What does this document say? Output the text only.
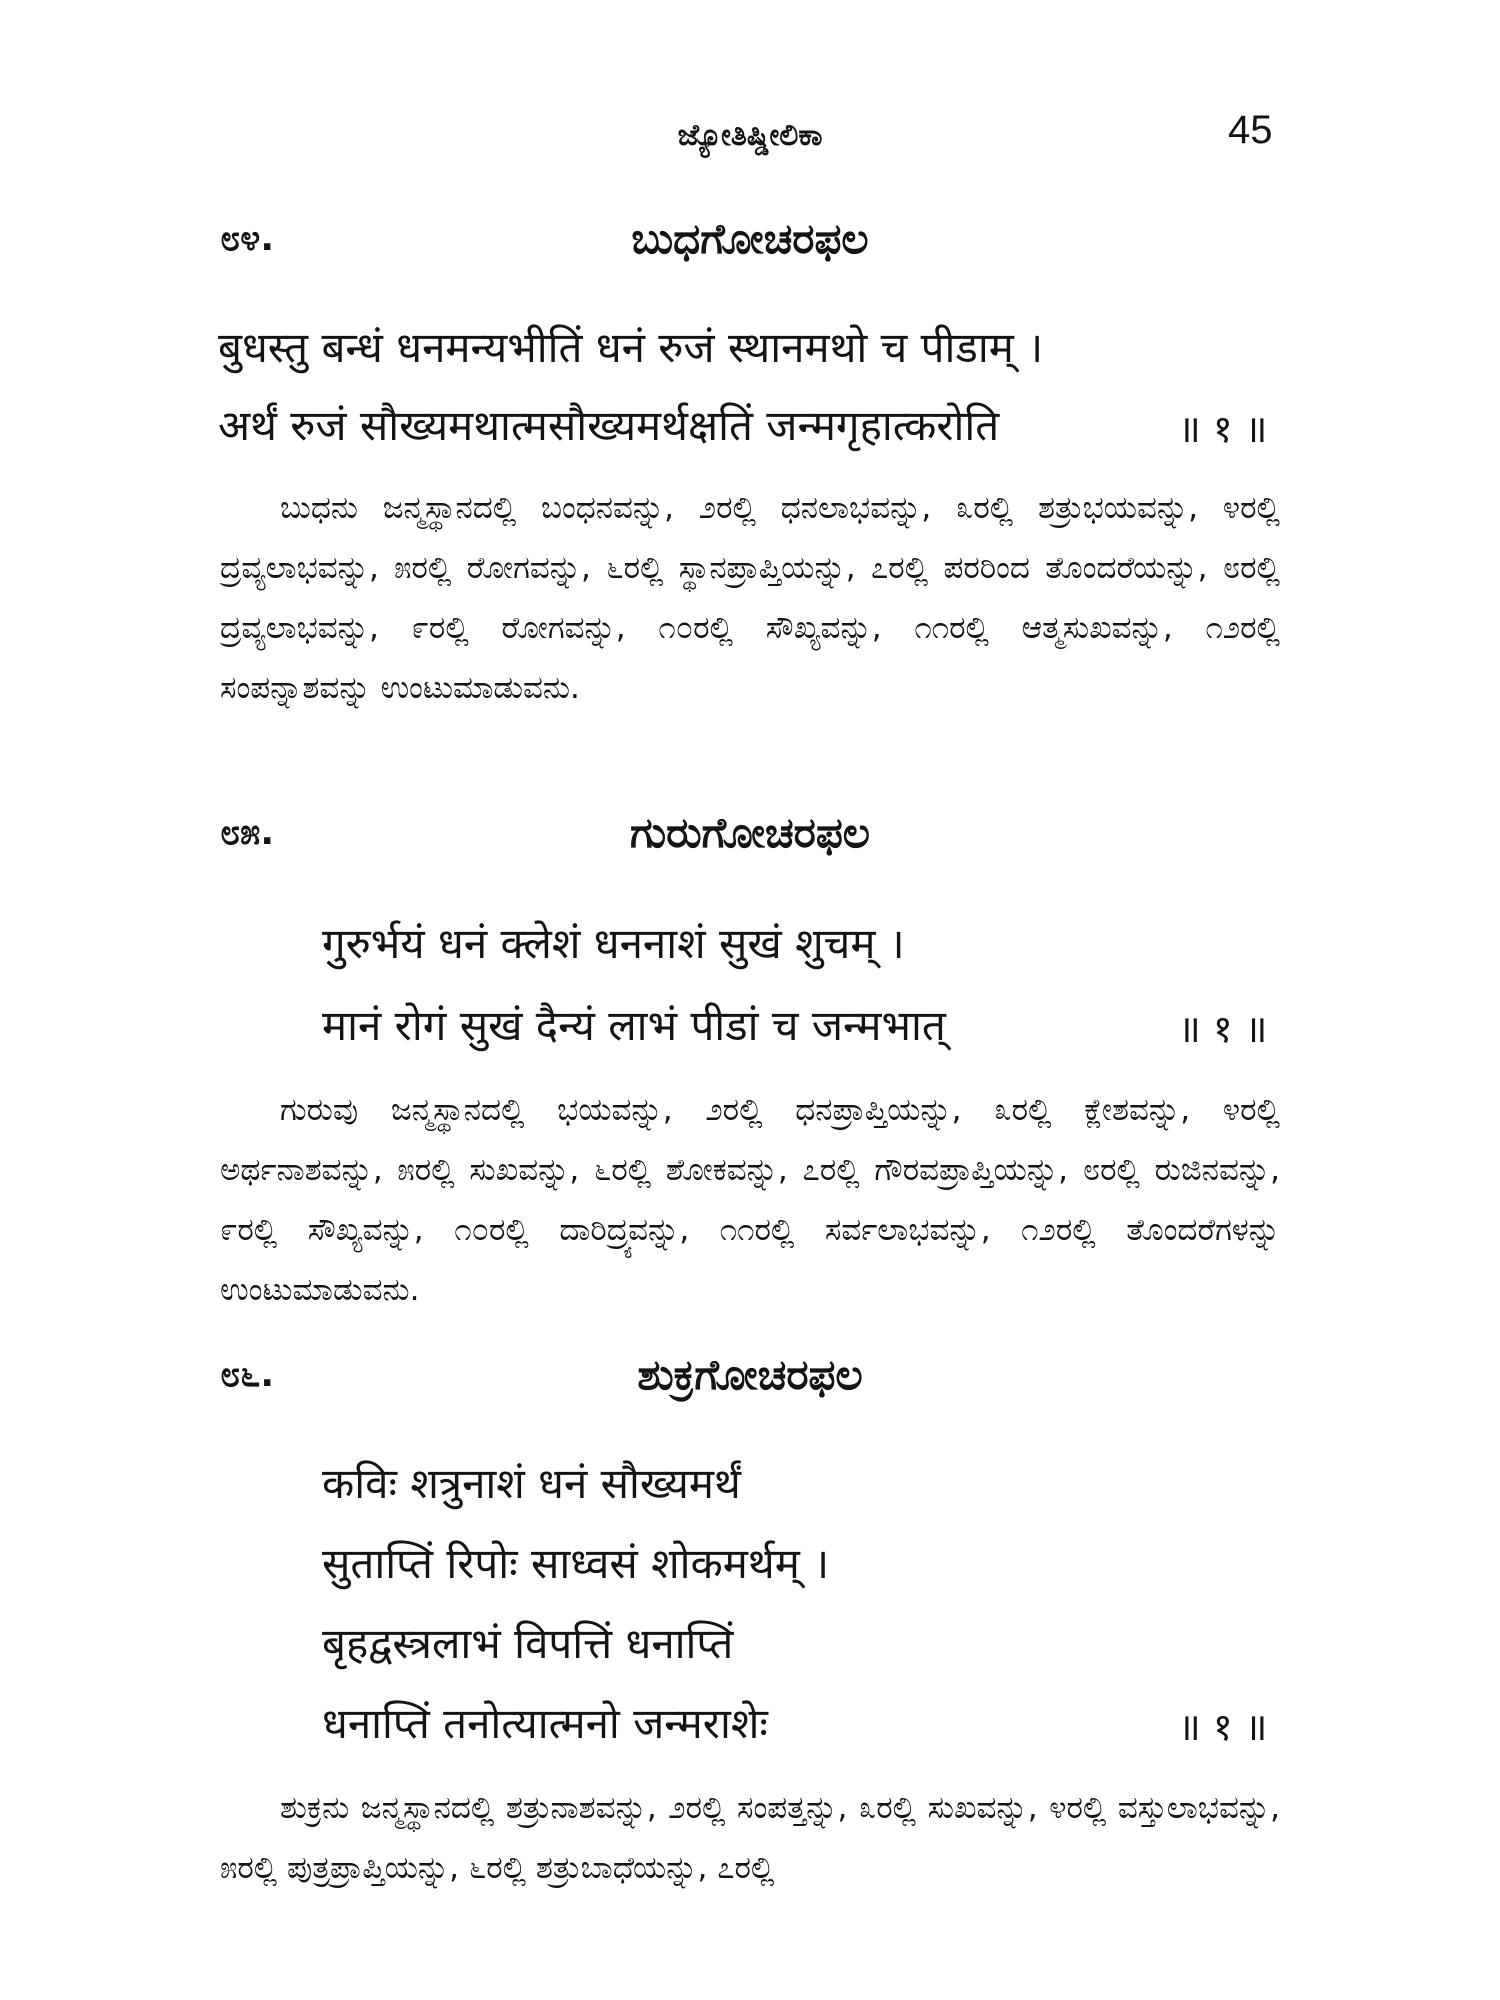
ಜ್ಯೋತಿಷ್ಡೀಲಿಕಾ	45
೮೪.	ಬುಧಗೋಚರಫಲ
बुधस्तु बन्धं धनमन्यभीतिं धनं रुजं स्थानमथो च पीडाम् ।
अर्थं रुजं सौख्यमथात्मसौख्यमर्थक्षतिं जन्मगृहात्करोति	॥ १ ॥
ಬುಧನು ಜನ್ಮಸ್ಥಾನದಲ್ಲಿ ಬಂಧನವನ್ನು, ೨ರಲ್ಲಿ ಧನಲಾಭವನ್ನು, ೩ರಲ್ಲಿ ಶತ್ರುಭಯವನ್ನು, ೪ರಲ್ಲಿ ದ್ರವ್ಯಲಾಭವನ್ನು, ೫ರಲ್ಲಿ ರೋಗವನ್ನು, ೬ರಲ್ಲಿ ಸ್ಥಾನಪ್ರಾಪ್ತಿಯನ್ನು, ೭ರಲ್ಲಿ ಪರರಿಂದ ತೊಂದರೆಯನ್ನು, ೮ರಲ್ಲಿ ದ್ರವ್ಯಲಾಭವನ್ನು, ೯ರಲ್ಲಿ ರೋಗವನ್ನು, ೧೦ರಲ್ಲಿ ಸೌಖ್ಯವನ್ನು, ೧೧ರಲ್ಲಿ ಆತ್ಮಸುಖವನ್ನು, ೧೨ರಲ್ಲಿ ಸಂಪನ್ನಾಶವನ್ನು ಉಂಟುಮಾಡುವನು.
೮೫.	ಗುರುಗೋಚರಫಲ
गुरुर्भयं धनं क्लेशं धननाशं सुखं शुचम् ।
मानं रोगं सुखं दैन्यं लाभं पीडां च जन्मभात्	॥ १ ॥
ಗುರುವು ಜನ್ಮಸ್ಥಾನದಲ್ಲಿ ಭಯವನ್ನು, ೨ರಲ್ಲಿ ಧನಪ್ರಾಪ್ತಿಯನ್ನು, ೩ರಲ್ಲಿ ಕ್ಲೇಶವನ್ನು, ೪ರಲ್ಲಿ ಅರ್ಥನಾಶವನ್ನು, ೫ರಲ್ಲಿ ಸುಖವನ್ನು, ೬ರಲ್ಲಿ ಶೋಕವನ್ನು, ೭ರಲ್ಲಿ ಗೌರವಪ್ರಾಪ್ತಿಯನ್ನು, ೮ರಲ್ಲಿ ರುಜಿನವನ್ನು, ೯ರಲ್ಲಿ ಸೌಖ್ಯವನ್ನು, ೧೦ರಲ್ಲಿ ದಾರಿದ್ರ್ಯವನ್ನು, ೧೧ರಲ್ಲಿ ಸರ್ವಲಾಭವನ್ನು, ೧೨ರಲ್ಲಿ ತೊಂದರೆಗಳನ್ನು ಉಂಟುಮಾಡುವನು.
೮೬.	ಶುಕ್ರಗೋಚರಫಲ
कविः शत्रुनाशं धनं सौख्यमर्थं
सुताप्तिं रिपोः साध्वसं शोकमर्थम् ।
बृहद्वस्त्रलाभं विपत्तिं धनाप्तिं
धनाप्तिं तनोत्यात्मनो जन्मराशेः	॥ १ ॥
ಶುಕ್ರನು ಜನ್ಮಸ್ಥಾನದಲ್ಲಿ ಶತ್ರುನಾಶವನ್ನು, ೨ರಲ್ಲಿ ಸಂಪತ್ತನ್ನು, ೩ರಲ್ಲಿ ಸುಖವನ್ನು, ೪ರಲ್ಲಿ ವಸ್ತುಲಾಭವನ್ನು, ೫ರಲ್ಲಿ ಪುತ್ರಪ್ರಾಪ್ತಿಯನ್ನು, ೬ರಲ್ಲಿ ಶತ್ರುಬಾಧೆಯನ್ನು, ೭ರಲ್ಲಿ
